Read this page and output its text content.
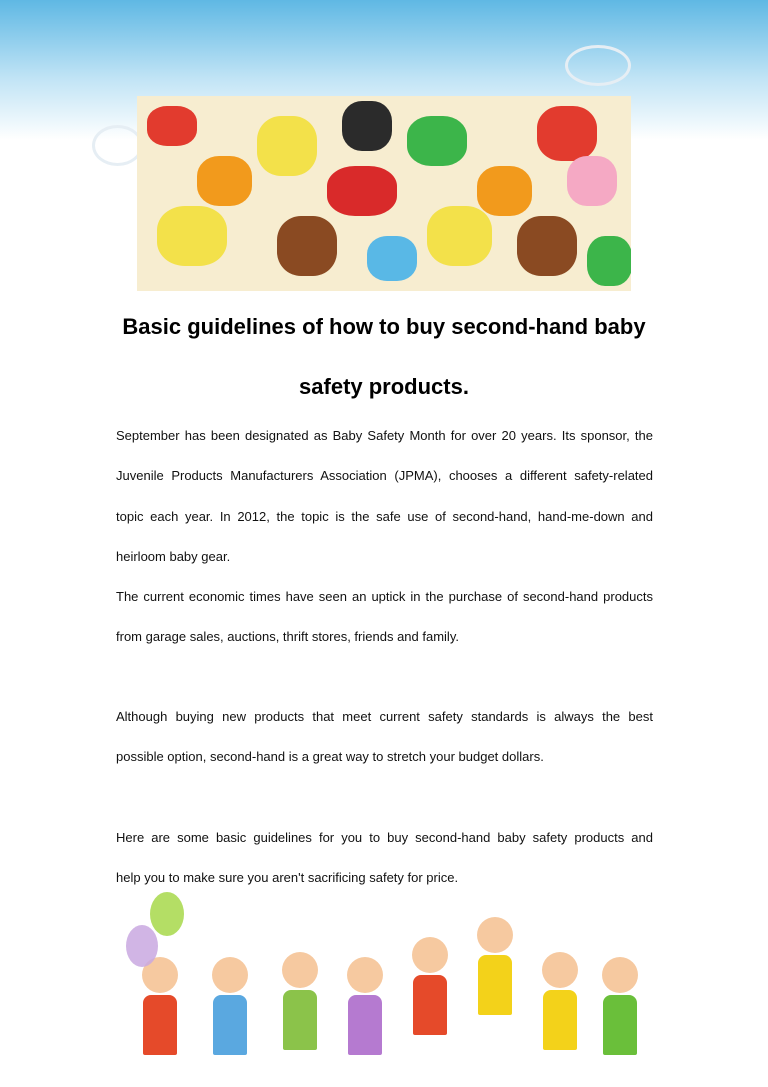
Basic guidelines of how to buy second-hand baby
safety products.
September has been designated as Baby Safety Month for over 20 years. Its sponsor, the
Juvenile Products Manufacturers Association (JPMA), chooses a different safety-related
topic each year. In 2012, the topic is the safe use of second-hand, hand-me-down and
heirloom baby gear.
The current economic times have seen an uptick in the purchase of second-hand products
from garage sales, auctions, thrift stores, friends and family.
Although buying new products that meet current safety standards is always the best
possible option, second-hand is a great way to stretch your budget dollars.
Here are some basic guidelines for you to buy second-hand baby safety products and
help you to make sure you aren't sacrificing safety for price.
